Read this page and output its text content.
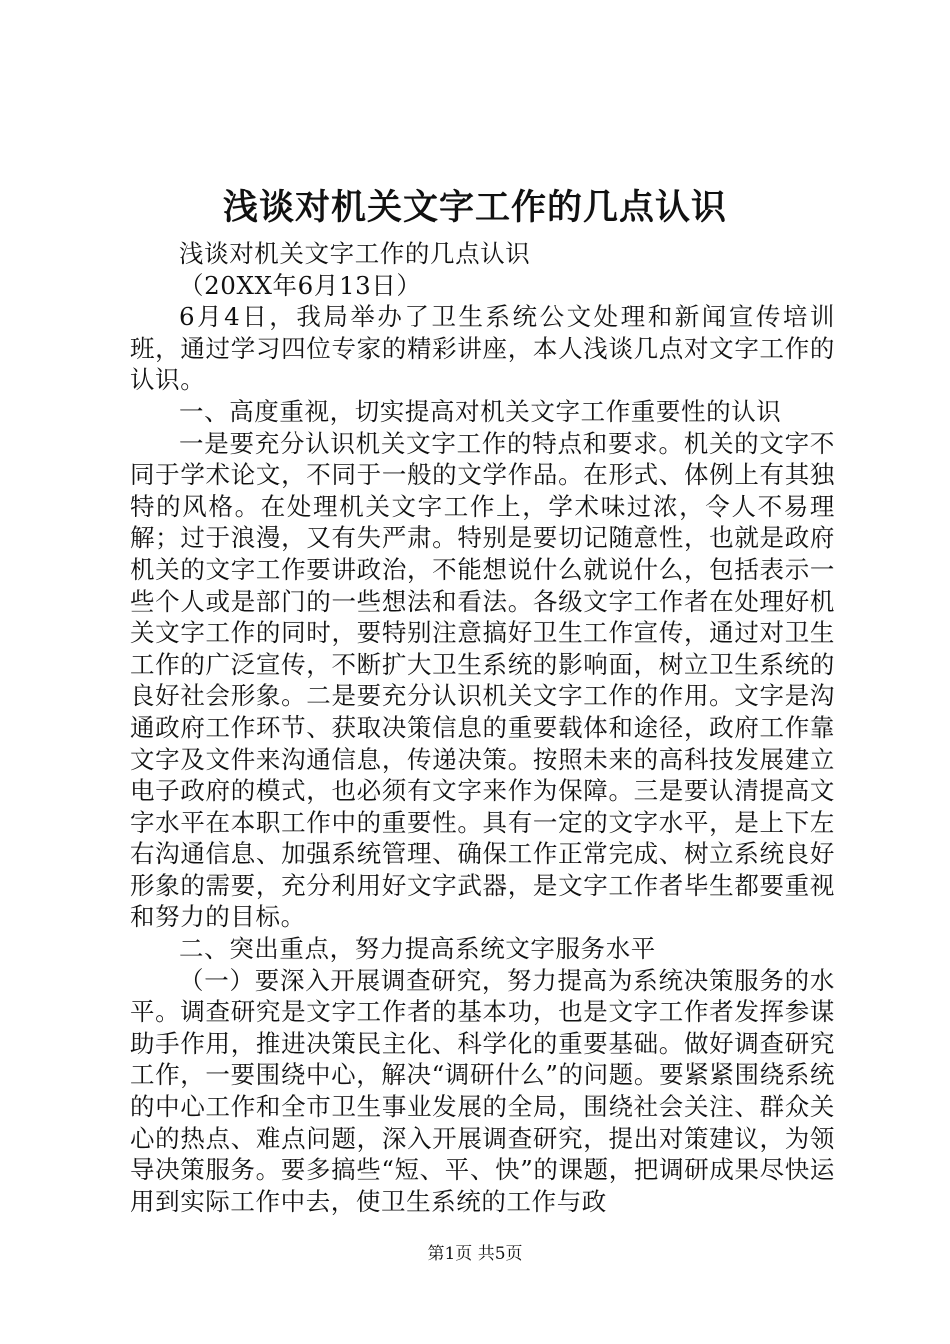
浅谈对机关文字工作的几点认识

浅谈对机关文字工作的几点认识

（20XX年6月13日）

6月4日，我局举办了卫生系统公文处理和新闻宣传培训班，通过学习四位专家的精彩讲座，本人浅谈几点对文字工作的认识。

一、高度重视，切实提高对机关文字工作重要性的认识

一是要充分认识机关文字工作的特点和要求。机关的文字不同于学术论文，不同于一般的文学作品。在形式、体例上有其独特的风格。在处理机关文字工作上，学术味过浓，令人不易理解；过于浪漫，又有失严肃。特别是要切记随意性，也就是政府机关的文字工作要讲政治，不能想说什么就说什么，包括表示一些个人或是部门的一些想法和看法。各级文字工作者在处理好机关文字工作的同时，要特别注意搞好卫生工作宣传，通过对卫生工作的广泛宣传，不断扩大卫生系统的影响面，树立卫生系统的良好社会形象。二是要充分认识机关文字工作的作用。文字是沟通政府工作环节、获取决策信息的重要载体和途径，政府工作靠文字及文件来沟通信息，传递决策。按照未来的高科技发展建立电子政府的模式，也必须有文字来作为保障。三是要认清提高文字水平在本职工作中的重要性。具有一定的文字水平，是上下左右沟通信息、加强系统管理、确保工作正常完成、树立系统良好形象的需要，充分利用好文字武器，是文字工作者毕生都要重视和努力的目标。

二、突出重点，努力提高系统文字服务水平

（一）要深入开展调查研究，努力提高为系统决策服务的水平。调查研究是文字工作者的基本功，也是文字工作者发挥参谋助手作用，推进决策民主化、科学化的重要基础。做好调查研究工作，一要围绕中心，解决“调研什么”的问题。要紧紧围绕系统的中心工作和全市卫生事业发展的全局，围绕社会关注、群众关心的热点、难点问题，深入开展调查研究，提出对策建议，为领导决策服务。要多搞些“短、平、快”的课题，把调研成果尽快运用到实际工作中去，使卫生系统的工作与政

第1页 共5页
